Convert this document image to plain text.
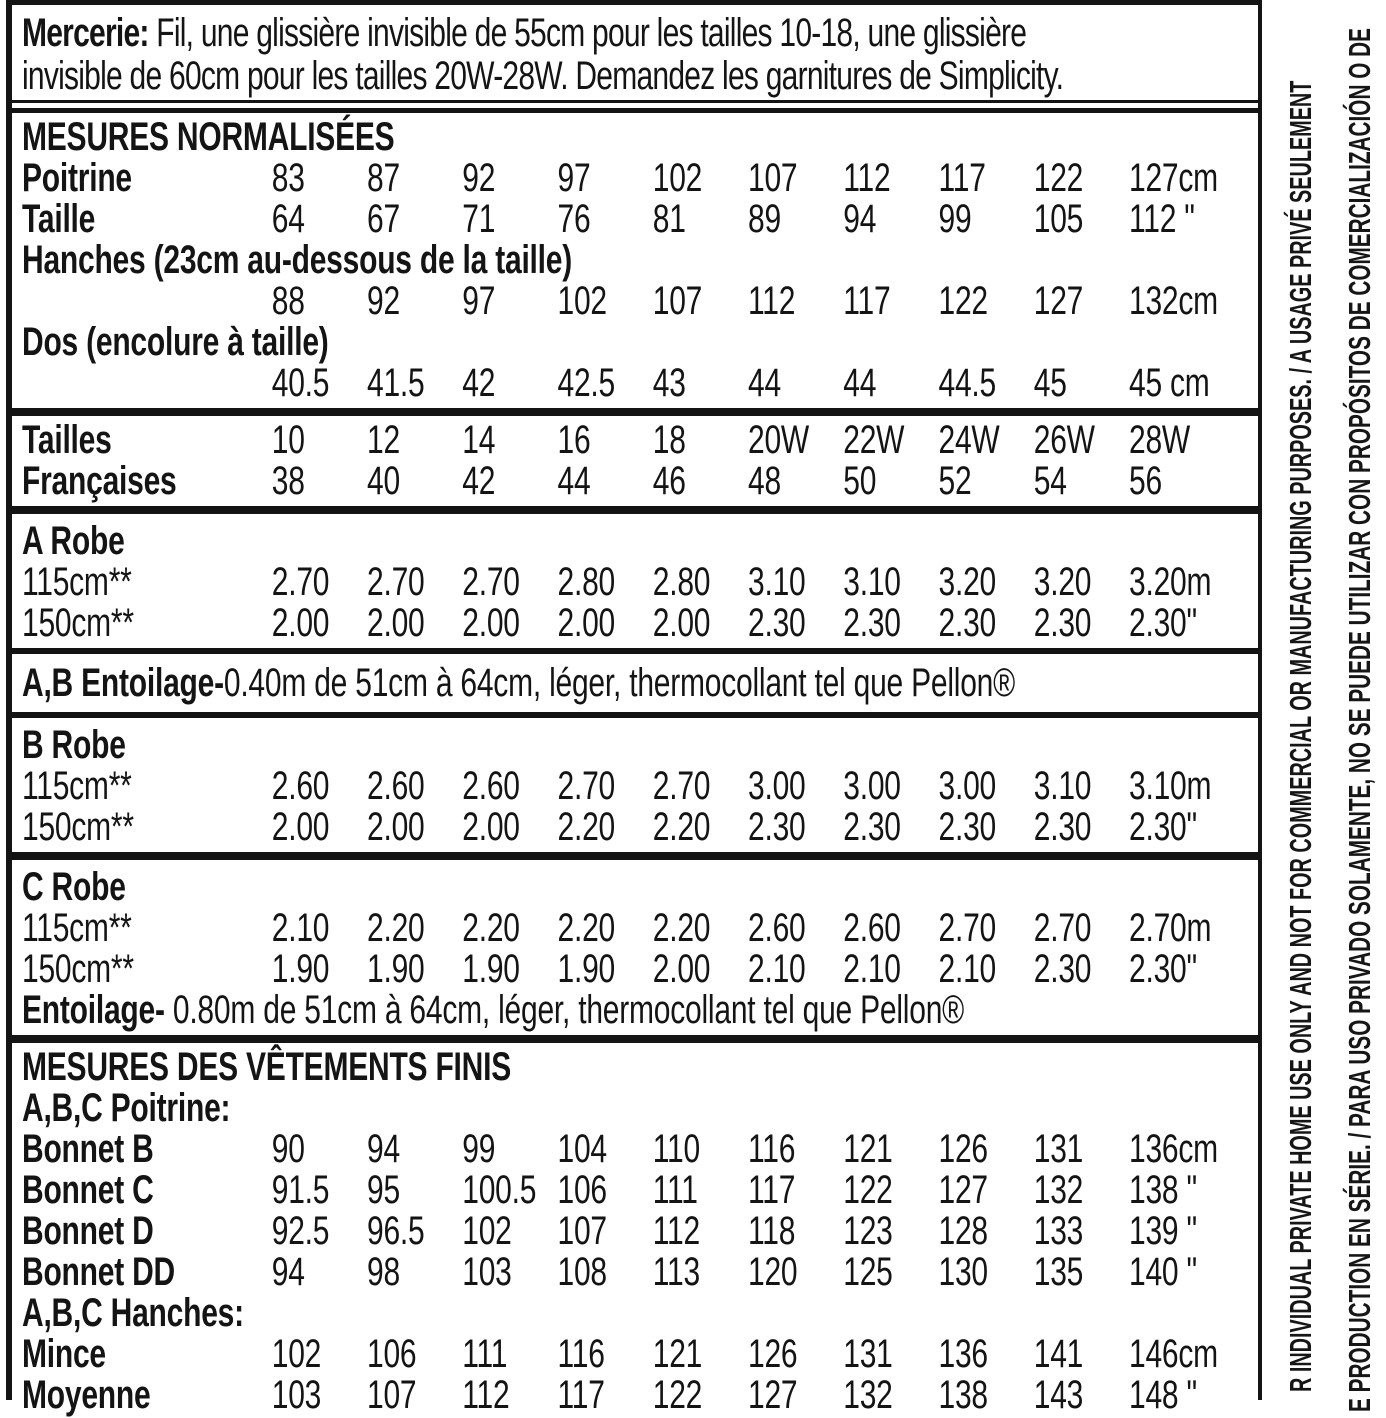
Mercerie: Fil, une glissière invisible de 55cm pour les tailles 10-18, une glissière
invisible de 60cm pour les tailles 20W-28W. Demandez les garnitures de Simplicity.
MESURES NORMALISÉES
Poitrine	83 87 92 97 102 107 112 117 122 127cm
Taille	64 67 71 76 81 89 94 99 105 112 "
Hanches (23cm au-dessous de la taille)
88 92 97 102 107 112 117 122 127 132cm
Dos (encolure à taille)
40.5 41.5 42 42.5 43 44 44 44.5 45 45 cm
Tailles	10 12 14 16 18 20W 22W 24W 26W 28W
Françaises 38 40 42 44 46 48 50 52 54 56
A Robe
115cm**	2.70 2.70 2.70 2.80 2.80 3.10 3.10 3.20 3.20 3.20m
150cm**	2.00 2.00 2.00 2.00 2.00 2.30 2.30 2.30 2.30 2.30"
A,B Entoilage-0.40m de 51cm à 64cm, léger, thermocollant tel que Pellon®
B Robe
115cm**	2.60 2.60 2.60 2.70 2.70 3.00 3.00 3.00 3.10 3.10m
150cm**	2.00 2.00 2.00 2.20 2.20 2.30 2.30 2.30 2.30 2.30"
C Robe
115cm**	2.10 2.20 2.20 2.20 2.20 2.60 2.60 2.70 2.70 2.70m
150cm**	1.90 1.90 1.90 1.90 2.00 2.10 2.10 2.10 2.30 2.30"
Entoilage- 0.80m de 51cm à 64cm, léger, thermocollant tel que Pellon®
MESURES DES VÊTEMENTS FINIS
A,B,C Poitrine:
Bonnet B	90 94 99 104 110 116 121 126 131 136cm
Bonnet C	91.5 95 100.5 106 111 117 122 127 132 138 "
Bonnet D	92.5 96.5 102 107 112 118 123 128 133 139 "
Bonnet DD 94 98 103 108 113 120 125 130 135 140 "
A,B,C Hanches:
Mince	102 106 111 116 121 126 131 136 141 146cm
Moyenne	103 107 112 117 122 127 132 138 143 148 "
R INDIVIDUAL PRIVATE HOME USE ONLY AND NOT FOR COMMERCIAL OR MANUFACTURING PURPOSES. / A USAGE PRIVÉ SEULEMENT E PRODUCTION EN SÉRIE. / PARA USO PRIVADO SOLAMENTE, NO SE PUEDE UTILIZAR CON PROPÓSITOS DE COMERCIALIZACIÓN O DE
